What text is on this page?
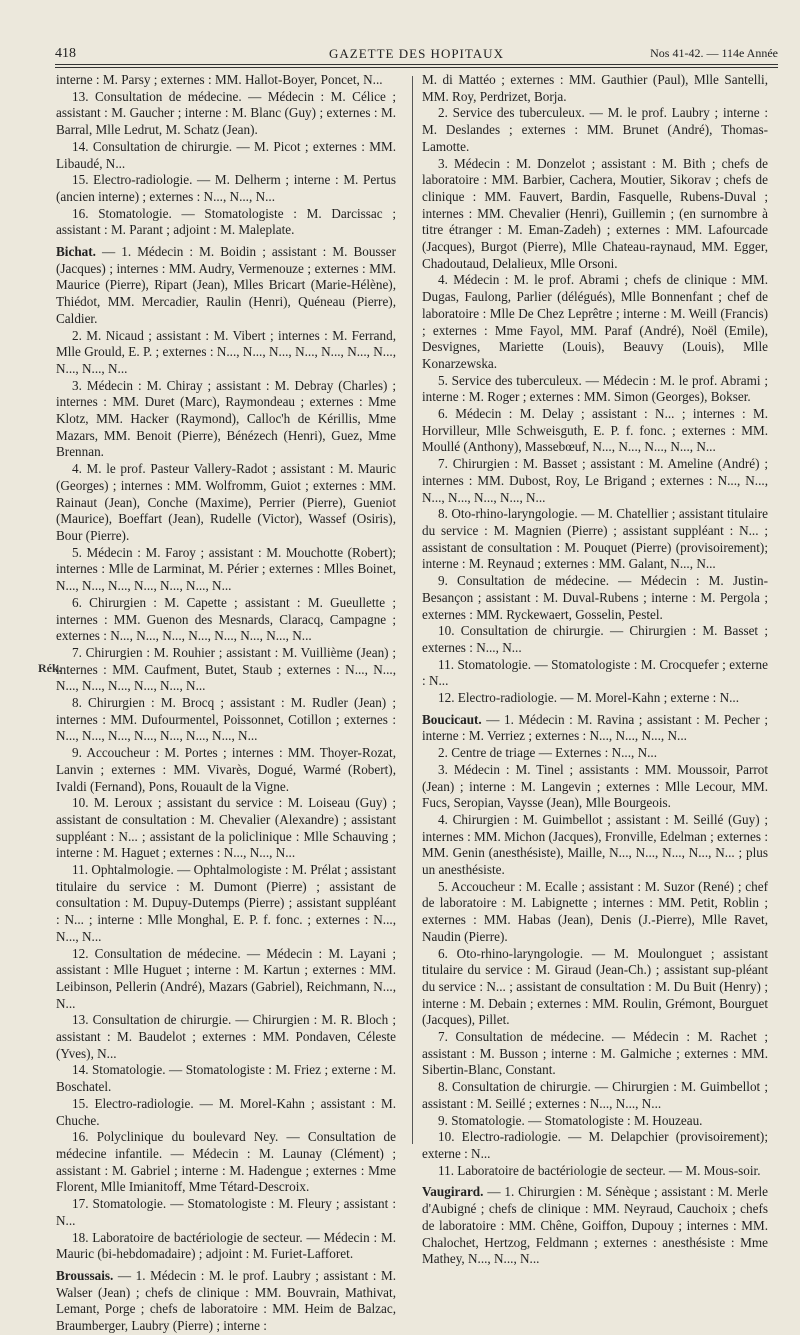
418	GAZETTE DES HOPITAUX	Nos 41-42. — 114e Année
Rék.

interne : M. Parsy ; externes : MM. Hallot-Boyer, Poncet, N...

13. Consultation de médecine. — Médecin : M. Célice ; assistant : M. Gaucher ; interne : M. Blanc (Guy) ; externes : M. Barral, Mlle Ledrut, M. Schatz (Jean).

14. Consultation de chirurgie. — M. Picot ; externes : MM. Libaudé, N...

15. Electro-radiologie. — M. Delherm ; interne : M. Pertus (ancien interne) ; externes : N..., N..., N...

16. Stomatologie. — Stomatologiste : M. Darcissac ; assistant : M. Parant ; adjoint : M. Maleplate.

Bichat. — 1. Médecin : M. Boidin ; assistant : M. Bousser (Jacques) ; internes : MM. Audry, Vermenouze ; externes : MM. Maurice (Pierre), Ripart (Jean), Mlles Bricart (Marie-Hélène), Thiédot, MM. Mercadier, Raulin (Henri), Quéneau (Pierre), Caldier.

2. M. Nicaud ; assistant : M. Vibert ; internes : M. Ferrand, Mlle Grould, E. P. ; externes : N..., N..., N..., N..., N..., N..., N..., N..., N..., N...

3. Médecin : M. Chiray ; assistant : M. Debray (Charles) ; internes : MM. Duret (Marc), Raymondeau ; externes : Mme Klotz, MM. Hacker (Raymond), Calloc'h de Kérillis, Mme Mazars, MM. Benoit (Pierre), Bénézech (Henri), Guez, Mme Brennan.

4. M. le prof. Pasteur Vallery-Radot ; assistant : M. Mauric (Georges) ; internes : MM. Wolfromm, Guiot ; externes : MM. Rainaut (Jean), Conche (Maxime), Perrier (Pierre), Gueniot (Maurice), Boeffart (Jean), Rudelle (Victor), Wassef (Osiris), Bour (Pierre).

5. Médecin : M. Faroy ; assistant : M. Mouchotte (Robert); internes : Mlle de Larminat, M. Périer ; externes : Mlles Boinet, N..., N..., N..., N..., N..., N..., N...

6. Chirurgien : M. Capette ; assistant : M. Gueullette ; internes : MM. Guenon des Mesnards, Claracq, Campagne ; externes : N..., N..., N..., N..., N..., N..., N..., N...

7. Chirurgien : M. Rouhier ; assistant : M. Vuillième (Jean) ; internes : MM. Caufment, Butet, Staub ; externes : N..., N..., N..., N..., N..., N..., N..., N...

8. Chirurgien : M. Brocq ; assistant : M. Rudler (Jean) ; internes : MM. Dufourmentel, Poissonnet, Cotillon ; externes : N..., N..., N..., N..., N..., N..., N..., N...

9. Accoucheur : M. Portes ; internes : MM. Thoyer-Rozat, Lanvin ; externes : MM. Vivarès, Dogué, Warmé (Robert), Ivaldi (Fernand), Pons, Rouault de la Vigne.

10. M. Leroux ; assistant du service : M. Loiseau (Guy) ; assistant de consultation : M. Chevalier (Alexandre) ; assistant suppléant : N... ; assistant de la policlinique : Mlle Schauving ; interne : M. Haguet ; externes : N..., N..., N...

11. Ophtalmologie. — Ophtalmologiste : M. Prélat ; assistant titulaire du service : M. Dumont (Pierre) ; assistant de consultation : M. Dupuy-Dutemps (Pierre) ; assistant suppléant : N... ; interne : Mlle Monghal, E. P. f. fonc. ; externes : N..., N..., N...

12. Consultation de médecine. — Médecin : M. Layani ; assistant : Mlle Huguet ; interne : M. Kartun ; externes : MM. Leibinson, Pellerin (André), Mazars (Gabriel), Reichmann, N..., N...

13. Consultation de chirurgie. — Chirurgien : M. R. Bloch ; assistant : M. Baudelot ; externes : MM. Pondaven, Céleste (Yves), N...

14. Stomatologie. — Stomatologiste : M. Friez ; externe : M. Boschatel.

15. Electro-radiologie. — M. Morel-Kahn ; assistant : M. Chuche.

16. Polyclinique du boulevard Ney. — Consultation de médecine infantile. — Médecin : M. Launay (Clément) ; assistant : M. Gabriel ; interne : M. Hadengue ; externes : Mme Florent, Mlle Imianitoff, Mme Tétard-Descroix.

17. Stomatologie. — Stomatologiste : M. Fleury ; assistant : N...

18. Laboratoire de bactériologie de secteur. — Médecin : M. Mauric (bi-hebdomadaire) ; adjoint : M. Furiet-Lafforet.

Broussais. — 1. Médecin : M. le prof. Laubry ; assistant : M. Walser (Jean) ; chefs de clinique : MM. Bouvrain, Mathivat, Lemant, Porge ; chefs de laboratoire : MM. Heim de Balzac, Braumberger, Laubry (Pierre) ; interne :

M. di Mattéo ; externes : MM. Gauthier (Paul), Mlle Santelli, MM. Roy, Perdrizet, Borja.

2. Service des tuberculeux. — M. le prof. Laubry ; interne : M. Deslandes ; externes : MM. Brunet (André), Thomas-Lamotte.

3. Médecin : M. Donzelot ; assistant : M. Bith ; chefs de laboratoire : MM. Barbier, Cachera, Moutier, Sikorav ; chefs de clinique : MM. Fauvert, Bardin, Fasquelle, Rubens-Duval ; internes : MM. Chevalier (Henri), Guillemin ; (en surnombre à titre étranger : M. Eman-Zadeh) ; externes : MM. Lafourcade (Jacques), Burgot (Pierre), Mlle Chateau-raynaud, MM. Egger, Chadoutaud, Delalieux, Mlle Orsoni.

4. Médecin : M. le prof. Abrami ; chefs de clinique : MM. Dugas, Faulong, Parlier (délégués), Mlle Bonnenfant ; chef de laboratoire : Mlle De Chez Leprêtre ; interne : M. Weill (Francis) ; externes : Mme Fayol, MM. Paraf (André), Noël (Emile), Desvignes, Mariette (Louis), Beauvy (Louis), Mlle Konarzewska.

5. Service des tuberculeux. — Médecin : M. le prof. Abrami ; interne : M. Roger ; externes : MM. Simon (Georges), Bokser.

6. Médecin : M. Delay ; assistant : N... ; internes : M. Horvilleur, Mlle Schweisguth, E. P. f. fonc. ; externes : MM. Moullé (Anthony), Massebœuf, N..., N..., N..., N..., N...

7. Chirurgien : M. Basset ; assistant : M. Ameline (André) ; internes : MM. Dubost, Roy, Le Brigand ; externes : N..., N..., N..., N..., N..., N..., N...

8. Oto-rhino-laryngologie. — M. Chatellier ; assistant titulaire du service : M. Magnien (Pierre) ; assistant suppléant : N... ; assistant de consultation : M. Pouquet (Pierre) (provisoirement); interne : M. Reynaud ; externes : MM. Galant, N..., N...

9. Consultation de médecine. — Médecin : M. Justin-Besançon ; assistant : M. Duval-Rubens ; interne : M. Pergola ; externes : MM. Ryckewaert, Gosselin, Pestel.

10. Consultation de chirurgie. — Chirurgien : M. Basset ; externes : N..., N...

11. Stomatologie. — Stomatologiste : M. Crocquefer ; externe : N...

12. Electro-radiologie. — M. Morel-Kahn ; externe : N...

Boucicaut. — 1. Médecin : M. Ravina ; assistant : M. Pecher ; interne : M. Verriez ; externes : N..., N..., N..., N...

2. Centre de triage — Externes : N..., N...

3. Médecin : M. Tinel ; assistants : MM. Moussoir, Parrot (Jean) ; interne : M. Langevin ; externes : Mlle Lecour, MM. Fucs, Seropian, Vaysse (Jean), Mlle Bourgeois.

4. Chirurgien : M. Guimbellot ; assistant : M. Seillé (Guy) ; internes : MM. Michon (Jacques), Fronville, Edelman ; externes : MM. Genin (anesthésiste), Maille, N..., N..., N..., N..., N... ; plus un anesthésiste.

5. Accoucheur : M. Ecalle ; assistant : M. Suzor (René) ; chef de laboratoire : M. Labignette ; internes : MM. Petit, Roblin ; externes : MM. Habas (Jean), Denis (J.-Pierre), Mlle Ravet, Naudin (Pierre).

6. Oto-rhino-laryngologie. — M. Moulonguet ; assistant titulaire du service : M. Giraud (Jean-Ch.) ; assistant sup-pléant du service : N... ; assistant de consultation : M. Du Buit (Henry) ; interne : M. Debain ; externes : MM. Roulin, Grémont, Bourguet (Jacques), Pillet.

7. Consultation de médecine. — Médecin : M. Rachet ; assistant : M. Busson ; interne : M. Galmiche ; externes : MM. Sibertin-Blanc, Constant.

8. Consultation de chirurgie. — Chirurgien : M. Guimbellot ; assistant : M. Seillé ; externes : N..., N..., N...

9. Stomatologie. — Stomatologiste : M. Houzeau.

10. Electro-radiologie. — M. Delapchier (provisoirement); externe : N...

11. Laboratoire de bactériologie de secteur. — M. Mous-soir.

Vaugirard. — 1. Chirurgien : M. Sénèque ; assistant : M. Merle d'Aubigné ; chefs de clinique : MM. Neyraud, Cauchoix ; chefs de laboratoire : MM. Chêne, Goiffon, Dupouy ; internes : MM. Chalochet, Hertzog, Feldmann ; externes : anesthésiste : Mme Mathey, N..., N..., N...
